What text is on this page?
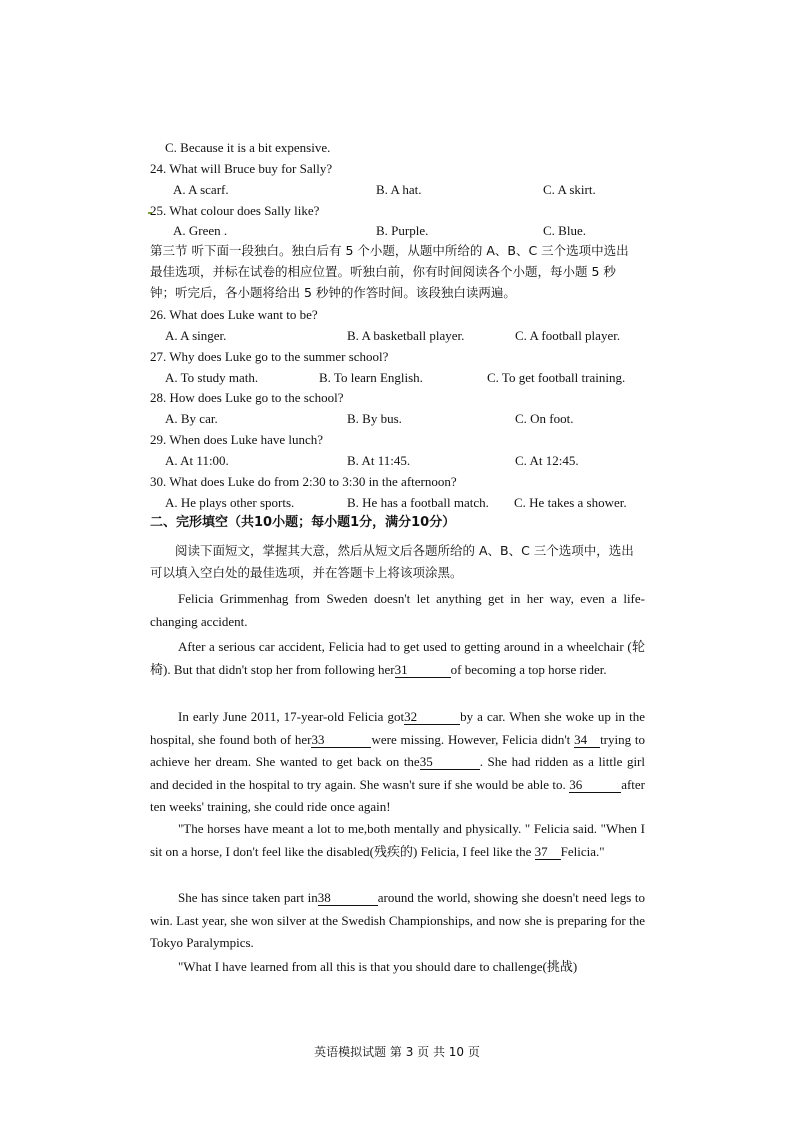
C. Because it is a bit expensive.
24. What will Bruce buy for Sally?
A. A scarf.	B. A hat.	C. A skirt.
25. What colour does Sally like?
A. Green .	B. Purple.	C. Blue.
第三节 听下面一段独白。独白后有 5 个小题，从题中所给的 A、B、C 三个选项中选出最佳选项，并标在试卷的相应位置。听独白前，你有时间阅读各个小题，每小题 5 秒钟；听完后，各小题将给出 5 秒钟的作答时间。该段独白读两遍。
26. What does Luke want to be?
A. A singer.	B. A basketball player.	C. A football player.
27. Why does Luke go to the summer school?
A. To study math.	B. To learn English.	C. To get football training.
28. How does Luke go to the school?
A. By car.	B. By bus.	C. On foot.
29. When does Luke have lunch?
A. At 11:00.	B. At 11:45.	C. At 12:45.
30. What does Luke do from 2:30 to 3:30 in the afternoon?
A. He plays other sports.	B. He has a football match. C. He takes a shower.
二、完形填空（共10小题；每小题1分，满分10分）
阅读下面短文，掌握其大意，然后从短文后各题所给的 A、B、C 三个选项中，选出可以填入空白处的最佳选项，并在答题卡上将该项涂黑。

Felicia Grimmenhag from Sweden doesn't let anything get in her way, even a life-changing accident.

After a serious car accident, Felicia had to get used to getting around in a wheelchair (轮椅). But that didn't stop her from following her31	of becoming a top horse rider.

In early June 2011, 17-year-old Felicia got32	by a car. When she woke up in the hospital, she found both of her33	were missing. However, Felicia didn't 34 trying to achieve her dream. She wanted to get back on the35	. She had ridden as a little girl and decided in the hospital to try again. She wasn't sure if she would be able to. 36	after ten weeks' training, she could ride once again!

"The horses have meant a lot to me,both mentally and physically. " Felicia said. "When I sit on a horse, I don't feel like the disabled(残疾的) Felicia, I feel like the 37 Felicia."

She has since taken part in38	around the world, showing she doesn't need legs to win. Last year, she won silver at the Swedish Championships, and now she is preparing for the Tokyo Paralympics.

"What I have learned from all this is that you should dare to challenge(挑战)

英语模拟试题 第 3 页 共 10 页
